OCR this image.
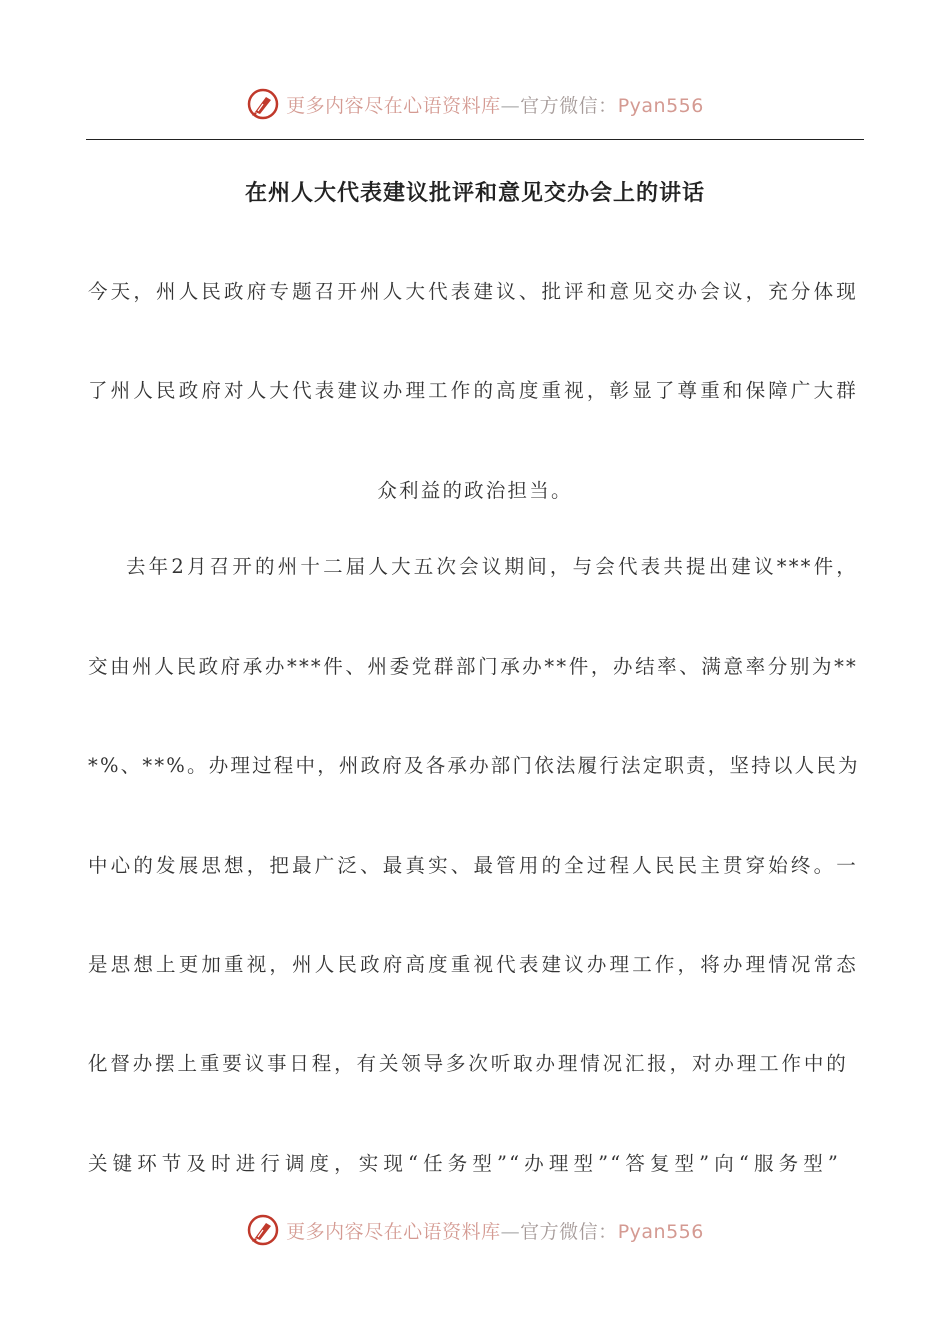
更多内容尽在心语资料库—官方微信：Pyan556
在州人大代表建议批评和意见交办会上的讲话
今天，州人民政府专题召开州人大代表建议、批评和意见交办会议，充分体现
了州人民政府对人大代表建议办理工作的高度重视，彰显了尊重和保障广大群
众利益的政治担当。
去年2月召开的州十二届人大五次会议期间，与会代表共提出建议***件，
交由州人民政府承办***件、州委党群部门承办**件，办结率、满意率分别为**
*%、**%。办理过程中，州政府及各承办部门依法履行法定职责，坚持以人民为
中心的发展思想，把最广泛、最真实、最管用的全过程人民民主贯穿始终。一
是思想上更加重视，州人民政府高度重视代表建议办理工作，将办理情况常态
化督办摆上重要议事日程，有关领导多次听取办理情况汇报，对办理工作中的
关键环节及时进行调度，实现“任务型”“办理型”“答复型”向“服务型”
更多内容尽在心语资料库—官方微信：Pyan556
